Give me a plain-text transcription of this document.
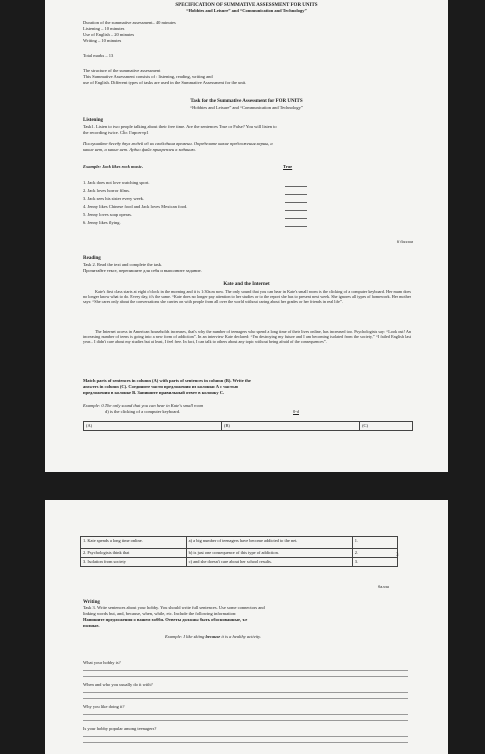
SPECIFICATION OF SUMMATIVE ASSESSMENT FOR UNITS
“Hobbies and Leisure” and “Communication and Technology”
Duration of the summative assessment– 40 minutes
Listening – 10 minutes
Use of English – 20 minutes
Writing – 10 minutes
Total marks – 13
The structure of the summative assessment
This Summative Assessment consists of : listening, reading, writing and
use of English. Different types of tasks are used in the Summative Assessment for the unit.
Task for the Summative Assessment for FOR UNITS
“Hobbies and Leisure” and “Communication and Technology”
Listening
Task1. Listen to two people talking about their free time. Are the sentences True or False? You will listen to
the recording twice. Cĺtг. Гирсегтр1
Послушайте беседу двух людей об их свободном времени. Определите какие предложения верны, а
какие нет, а какие нет. Аудио файл прикреплен к заданию.
Example: Jack likes rock music.	True
1. Jack does not love watching sport.
2. Jack loves horror films.
3. Jack sees his sister every week.
4. Jenny likes Chinese food and Jack loves Mexican food.
5. Jenny loves soap operas.
6. Jenny likes flying.
6 баллов
Reading
Task 2. Read the text and complete the task.
Прочитайте текст, перепишите для себя и выполните задание.
Kate and the Internet
Kate's first class starts at eight o'clock in the morning and it is 1:30a.m now. The only sound that you can hear in Kate's small room is the clicking of a computer keyboard. Her mum does no longer know what to do. Every day, it's the same. “Kate does no longer pay attention to her studies or to the report she has to present next week. She ignores all types of homework. Her mother says: “She cares only about the conversations she carries on with people from all over the world without caring about her grades or her friends in real life”.
The Internet access in American households increases, that's why the number of teenagers who spend a long time of their lives online, has increased too. Psychologists say: “Look out! An increasing number of teens is going into a new form of addiction”. In an interview Kate declared: “I'm destroying my future and I am becoming isolated from the society,” “I failed English last year... I didn't care about my studies but at least, I feel free. In fact, I can talk to others about any topic without being afraid of the consequences”.
Match parts of sentences in column (A) with parts of sentences in column (B). Write the
answers in column (C). Соедините части предложения из колонки А с частью
предложения в колонке В. Запишите правильный ответ в колонку С.
Example: 0.The only sound that you can hear in Kate's small room
d) is the clicking of a computer keyboard.	0-d
(A)	(B)	(C)
1. Kate spends a long time online.	a) a big number of teenagers have become addicted to the net.	1.
2. Psychologists think that	b) is just one consequence of this type of addiction.	2.
3. Isolation from society	c) and she doesn't care about her school results.	3.
3
балла
Writing
Task 3. Write sentences about your hobby. You should write full sentences. Use some connectors and
linking words but, and, because, when, while, etc. Include the following information:
Напишите предложения о вашем хобби. Ответы должны быть обоснованные, т.е
полные.
Example: I like skiing because it is a healthy activity.
What your hobby is?
When and who you usually do it with?
Why you like doing it?
Is your hobby popular among teenagers?
